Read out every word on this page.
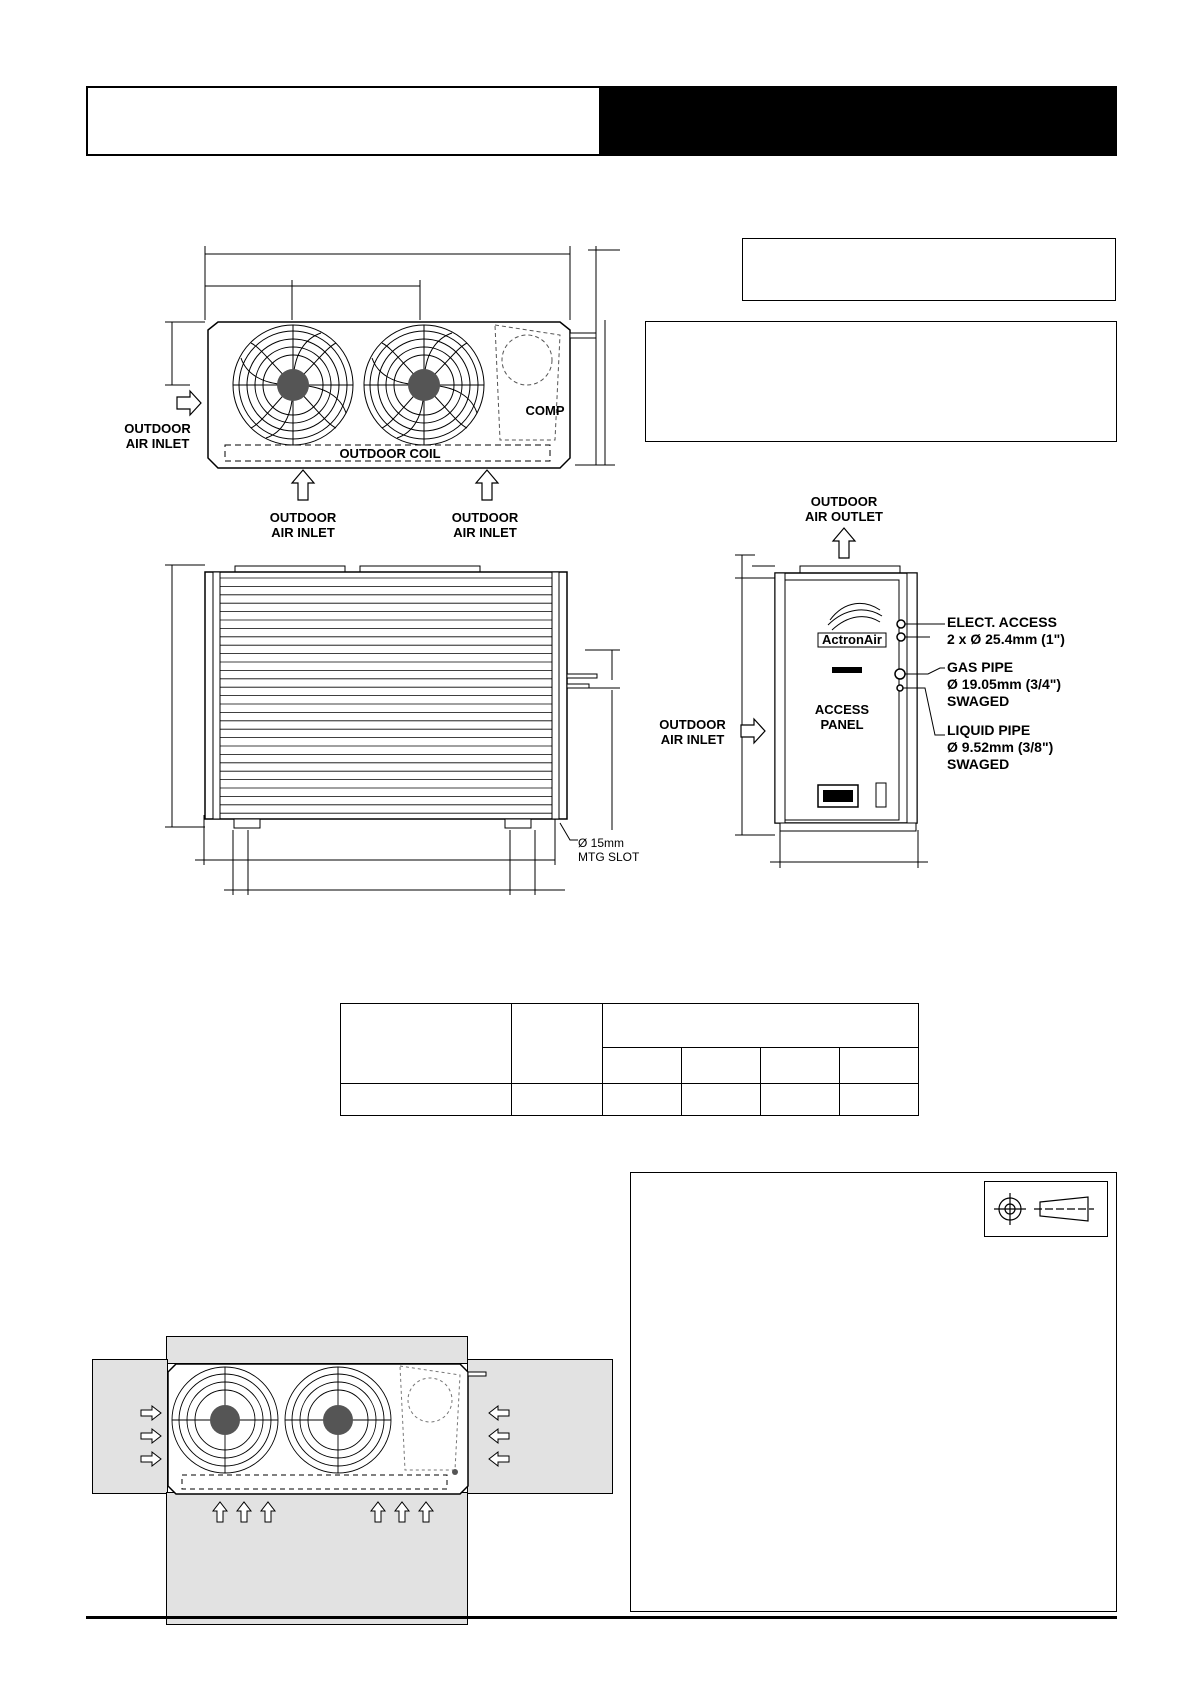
OUTDOOR COIL
COMP
OUTDOOR
AIR INLET
OUTDOOR
AIR INLET
OUTDOOR
AIR INLET
Ø 15mm
MTG SLOT
ActronAir
OUTDOOR
AIR OUTLET
OUTDOOR
AIR INLET
ACCESS
PANEL
ELECT. ACCESS
2 x Ø 25.4mm (1")
GAS PIPE
Ø 19.05mm (3/4")
SWAGED
LIQUID PIPE
Ø 9.52mm (3/8")
SWAGED
